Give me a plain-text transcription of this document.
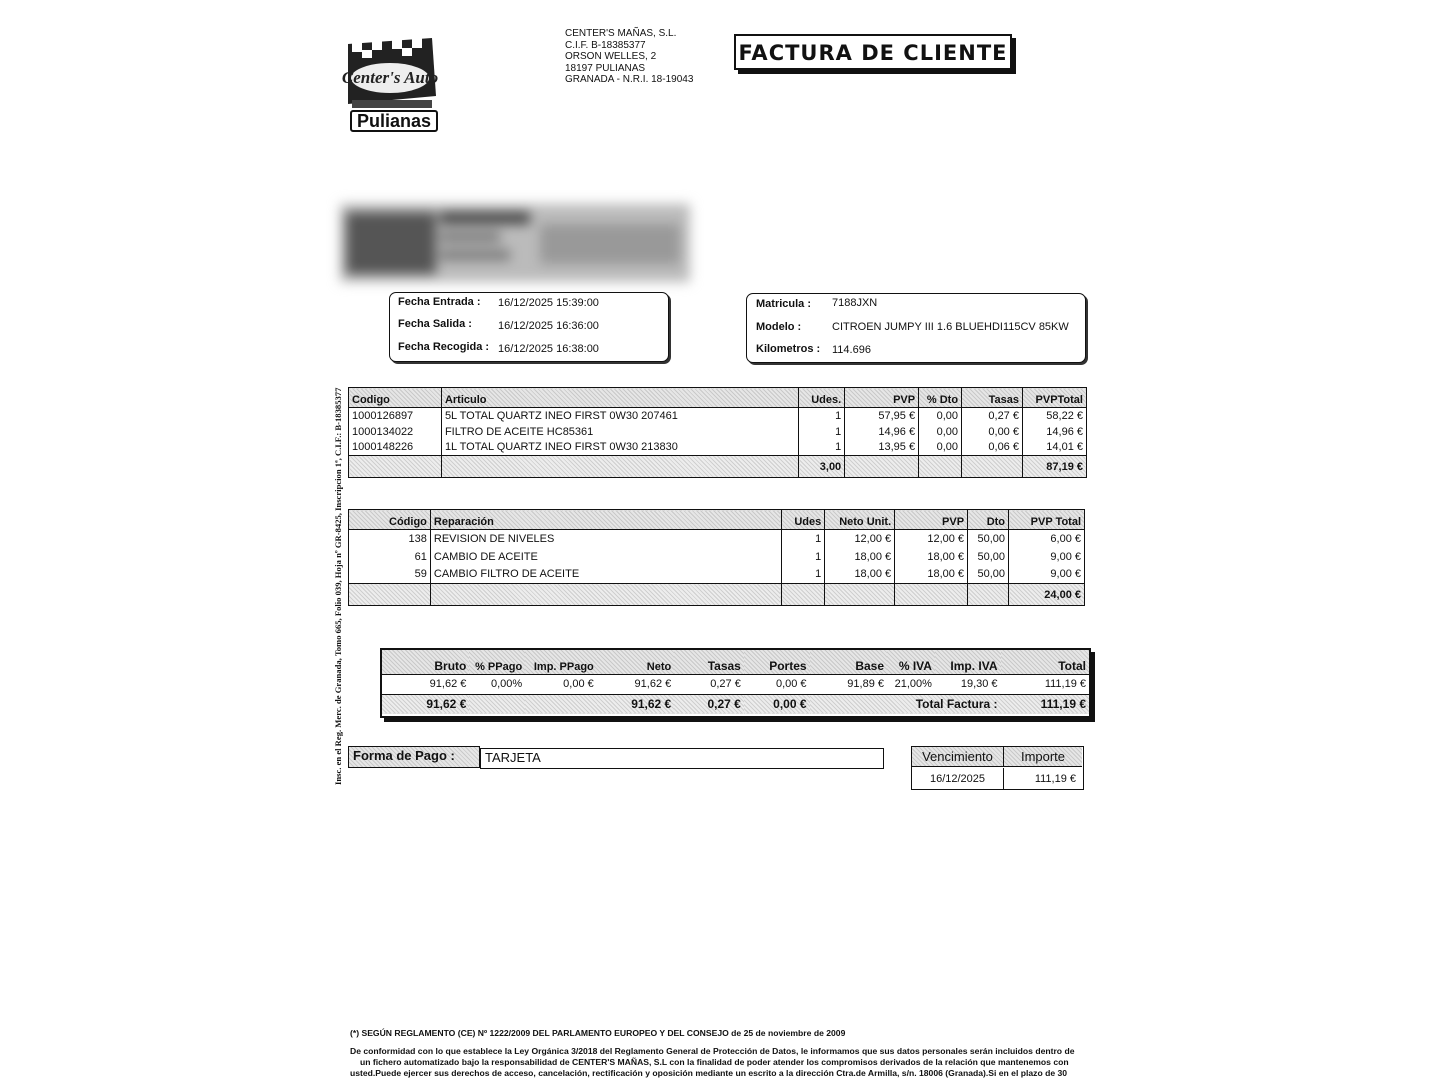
Center's Auto
Pulianas
CENTER'S MAÑAS, S.L.
C.I.F. B-18385377
ORSON WELLES, 2
18197 PULIANAS
GRANADA - N.R.I. 18-19043
FACTURA DE CLIENTE
Fecha Entrada : 16/12/2025 15:39:00
Fecha Salida : 16/12/2025 16:36:00
Fecha Recogida : 16/12/2025 16:38:00
Matricula : 7188JXN
Modelo :	CITROEN JUMPY III 1.6 BLUEHDI115CV 85KW
Kilometros : 114.696
Insc. en el Reg. Merc. de Granada, Tomo 665, Folio 039, Hoja nº GR-8425, Inscripcion 1ª, C.I.F.: B-18385377 Codigo	Articulo	Udes.	PVP	% Dto	Tasas	PVPTotal
1000126897	5L TOTAL QUARTZ INEO FIRST 0W30 207461	1	57,95 €	0,00	0,27 €	58,22 €
1000134022	FILTRO DE ACEITE HC85361	1	14,96 €	0,00	0,00 €	14,96 €
1000148226	1L TOTAL QUARTZ INEO FIRST 0W30 213830	1	13,95 €	0,00	0,06 €	14,01 €
		3,00				87,19 €
Código	Reparación	Udes	Neto Unit.	PVP	Dto	PVP Total
138	REVISION DE NIVELES	1	12,00 €	12,00 €	50,00	6,00 €
61	CAMBIO DE ACEITE	1	18,00 €	18,00 €	50,00	9,00 €
59	CAMBIO FILTRO DE ACEITE	1	18,00 €	18,00 €	50,00	9,00 €
						24,00 €
Bruto	% PPago	Imp. PPago	Neto	Tasas	Portes	Base	% IVA	Imp. IVA	Total
91,62 €	0,00%	0,00 €	91,62 €	0,27 €	0,00 €	91,89 €	21,00%	19,30 €	111,19 €
91,62 €			91,62 €	0,27 €	0,00 €	Total Factura :			111,19 €
Forma de Pago :	TARJETA	Vencimiento	Importe
16/12/2025	111,19 €
(*) SEGÚN REGLAMENTO (CE) Nº 1222/2009 DEL PARLAMENTO EUROPEO Y DEL CONSEJO de 25 de noviembre de 2009
De conformidad con lo que establece la Ley Orgánica 3/2018 del Reglamento General de Protección de Datos, le informamos que sus datos personales serán incluidos dentro de
un fichero automatizado bajo la responsabilidad de CENTER'S MAÑAS, S.L con la finalidad de poder atender los compromisos derivados de la relación que mantenemos con
usted.Puede ejercer sus derechos de acceso, cancelación, rectificación y oposición mediante un escrito a la dirección Ctra.de Armilla, s/n. 18006 (Granada).Si en el plazo de 30
